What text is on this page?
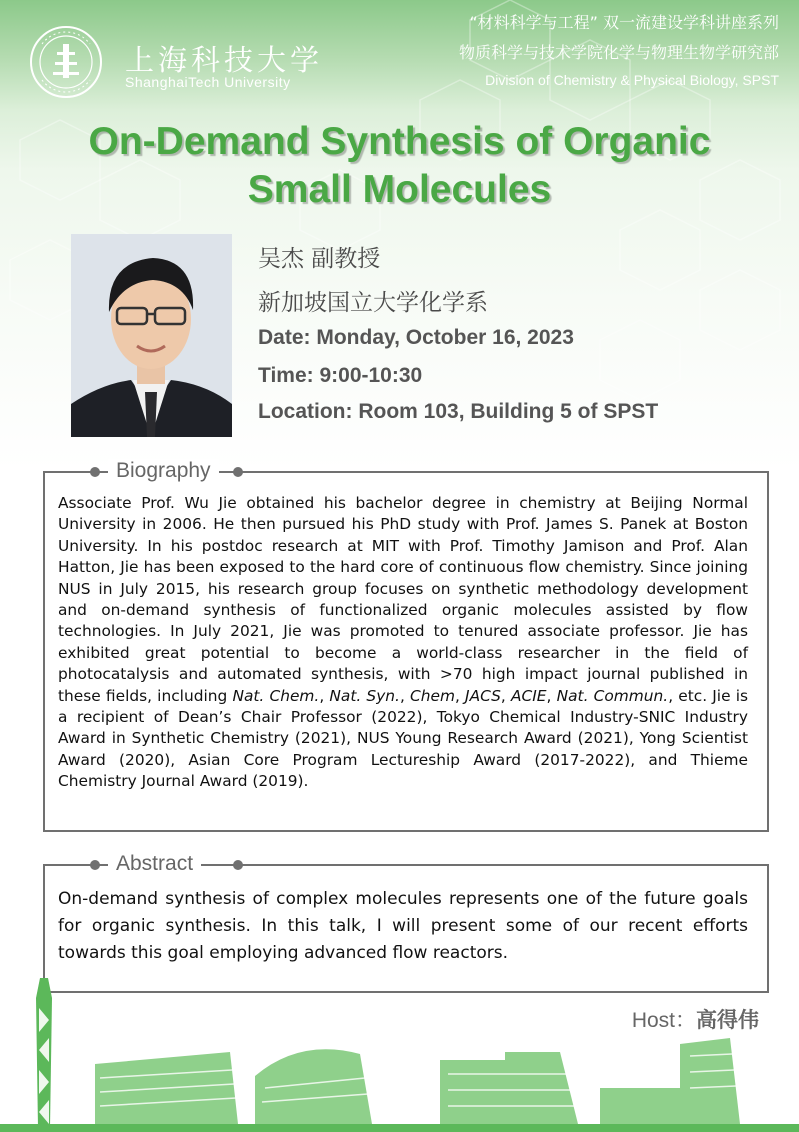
上海科技大学
ShanghaiTech University
“材料科学与工程” 双一流建设学科讲座系列
物质科学与技术学院化学与物理生物学研究部
Division of Chemistry & Physical Biology, SPST
On-Demand Synthesis of Organic
Small Molecules
吴杰 副教授
新加坡国立大学化学系
Date: Monday, October 16, 2023
Time: 9:00-10:30
Location: Room 103, Building 5 of SPST
Biography
Associate Prof. Wu Jie obtained his bachelor degree in chemistry at Beijing Normal University in 2006. He then pursued his PhD study with Prof. James S. Panek at Boston University. In his postdoc research at MIT with Prof. Timothy Jamison and Prof. Alan Hatton, Jie has been exposed to the hard core of continuous flow chemistry. Since joining NUS in July 2015, his research group focuses on synthetic methodology development and on-demand synthesis of functionalized organic molecules assisted by flow technologies. In July 2021, Jie was promoted to tenured associate professor. Jie has exhibited great potential to become a world-class researcher in the field of photocatalysis and automated synthesis, with >70 high impact journal published in these fields, including Nat. Chem., Nat. Syn., Chem, JACS, ACIE, Nat. Commun., etc. Jie is a recipient of Dean’s Chair Professor (2022), Tokyo Chemical Industry-SNIC Industry Award in Synthetic Chemistry (2021), NUS Young Research Award (2021), Yong Scientist Award (2020), Asian Core Program Lectureship Award (2017-2022), and Thieme Chemistry Journal Award (2019).
Abstract
On-demand synthesis of complex molecules represents one of the future goals for organic synthesis. In this talk, I will present some of our recent efforts towards this goal employing advanced flow reactors.
Host：高得伟
